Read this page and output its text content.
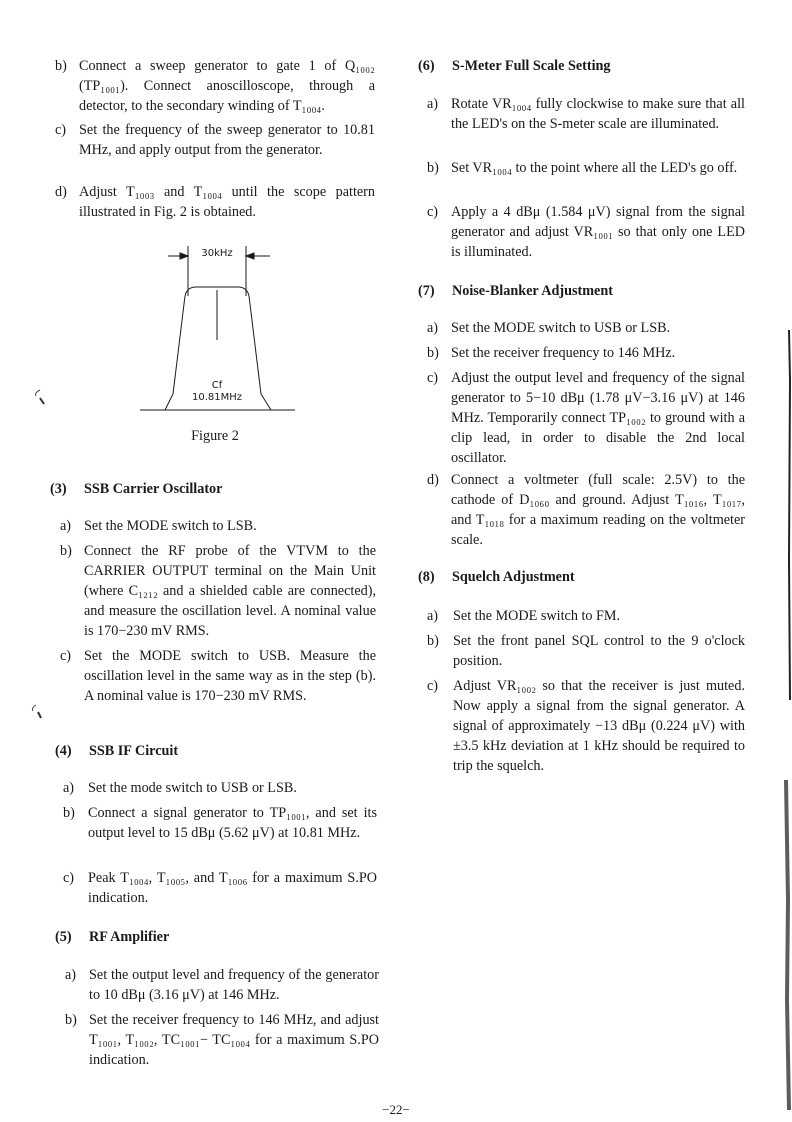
b) Connect a sweep generator to gate 1 of Q₁₀₀₂ (TP₁₀₀₁). Connect anoscilloscope, through a detector, to the secondary winding of T₁₀₀₄.
c) Set the frequency of the sweep generator to 10.81 MHz, and apply output from the generator.
d) Adjust T₁₀₀₃ and T₁₀₀₄ until the scope pattern illustrated in Fig. 2 is obtained.
30kHz
Cf
10.81MHz
Figure 2
(3) SSB Carrier Oscillator
a) Set the MODE switch to LSB.
b) Connect the RF probe of the VTVM to the CARRIER OUTPUT terminal on the Main Unit (where C₁₂₁₂ and a shielded cable are connected), and measure the oscillation level. A nominal value is 170−230 mV RMS.
c) Set the MODE switch to USB. Measure the oscillation level in the same way as in the step (b). A nominal value is 170−230 mV RMS.
(4) SSB IF Circuit
a) Set the mode switch to USB or LSB.
b) Connect a signal generator to TP₁₀₀₁, and set its output level to 15 dBμ (5.62 μV) at 10.81 MHz.
c) Peak T₁₀₀₄, T₁₀₀₅, and T₁₀₀₆ for a maximum S.PO indication.
(5) RF Amplifier
a) Set the output level and frequency of the generator to 10 dBμ (3.16 μV) at 146 MHz.
b) Set the receiver frequency to 146 MHz, and adjust T₁₀₀₁, T₁₀₀₂, TC₁₀₀₁− TC₁₀₀₄ for a maximum S.PO indication.
(6) S-Meter Full Scale Setting
a) Rotate VR₁₀₀₄ fully clockwise to make sure that all the LED's on the S-meter scale are illuminated.
b) Set VR₁₀₀₄ to the point where all the LED's go off.
c) Apply a 4 dBμ (1.584 μV) signal from the signal generator and adjust VR₁₀₀₁ so that only one LED is illuminated.
(7) Noise-Blanker Adjustment
a) Set the MODE switch to USB or LSB.
b) Set the receiver frequency to 146 MHz.
c) Adjust the output level and frequency of the signal generator to 5−10 dBμ (1.78 μV−3.16 μV) at 146 MHz. Temporarily connect TP₁₀₀₂ to ground with a clip lead, in order to disable the 2nd local oscillator.
d) Connect a voltmeter (full scale: 2.5V) to the cathode of D₁₀₆₀ and ground. Adjust T₁₀₁₆, T₁₀₁₇, and T₁₀₁₈ for a maximum reading on the voltmeter scale.
(8) Squelch Adjustment
a) Set the MODE switch to FM.
b) Set the front panel SQL control to the 9 o'clock position.
c) Adjust VR₁₀₀₂ so that the receiver is just muted. Now apply a signal from the signal generator. A signal of approximately −13 dBμ (0.224 μV) with ±3.5 kHz deviation at 1 kHz should be required to trip the squelch.
−22−
